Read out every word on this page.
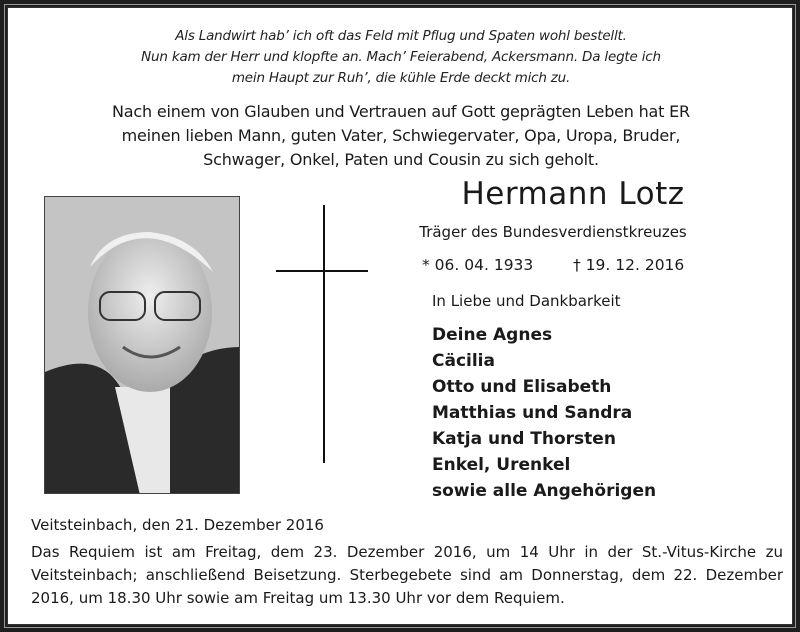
Als Landwirt hab’ ich oft das Feld mit Pflug und Spaten wohl bestellt.
Nun kam der Herr und klopfte an. Mach’ Feierabend, Ackersmann. Da legte ich
mein Haupt zur Ruh’, die kühle Erde deckt mich zu.
Nach einem von Glauben und Vertrauen auf Gott geprägten Leben hat ER
meinen lieben Mann, guten Vater, Schwiegervater, Opa, Uropa, Bruder,
Schwager, Onkel, Paten und Cousin zu sich geholt.
Hermann Lotz
Träger des Bundesverdienstkreuzes
* 06. 04. 1933	† 19. 12. 2016
In Liebe und Dankbarkeit
Deine Agnes
Cäcilia
Otto und Elisabeth
Matthias und Sandra
Katja und Thorsten
Enkel, Urenkel
sowie alle Angehörigen
Veitsteinbach, den 21. Dezember 2016
Das Requiem ist am Freitag, dem 23. Dezember 2016, um 14 Uhr in der St.-Vitus-Kirche zu Veitsteinbach; anschließend Beisetzung. Sterbegebete sind am Donnerstag, dem 22. Dezember 2016, um 18.30 Uhr sowie am Freitag um 13.30 Uhr vor dem Requiem.
